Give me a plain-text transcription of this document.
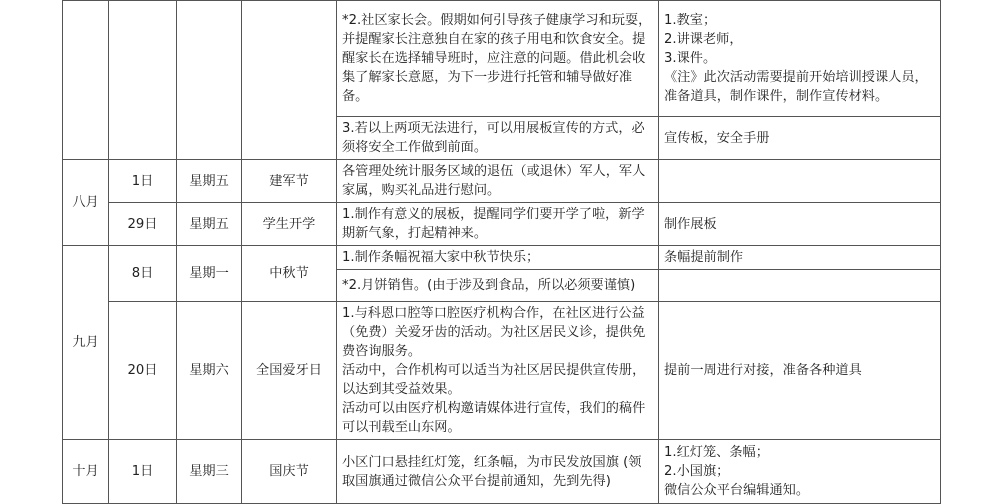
				*2.社区家长会。假期如何引导孩子健康学习和玩耍，并提醒家长注意独自在家的孩子用电和饮食安全。提醒家长在选择辅导班时，应注意的问题。借此机会收集了解家长意愿，为下一步进行托管和辅导做好准备。	1.教室；
2.讲课老师，
3.课件。
《注》此次活动需要提前开始培训授课人员，准备道具，制作课件，制作宣传材料。

				3.若以上两项无法进行，可以用展板宣传的方式，必须将安全工作做到前面。	宣传板，安全手册
八月	1日	星期五	建军节	各管理处统计服务区域的退伍（或退休）军人，军人家属，购买礼品进行慰问。	
	29日	星期五	学生开学	1.制作有意义的展板，提醒同学们要开学了啦，新学期新气象，打起精神来。	制作展板
九月	8日	星期一	中秋节	1.制作条幅祝福大家中秋节快乐；	条幅提前制作
				*2.月饼销售。(由于涉及到食品，所以必须要谨慎)	
	20日	星期六	全国爱牙日	1.与科恩口腔等口腔医疗机构合作，在社区进行公益（免费）关爱牙齿的活动。为社区居民义诊，提供免费咨询服务。
活动中，合作机构可以适当为社区居民提供宣传册，以达到其受益效果。
活动可以由医疗机构邀请媒体进行宣传，我们的稿件可以刊载至山东网。	提前一周进行对接，准备各种道具
十月	1日	星期三	国庆节	小区门口悬挂红灯笼，红条幅，为市民发放国旗 (领取国旗通过微信公众平台提前通知，先到先得)	1.红灯笼、条幅；
2.小国旗；
微信公众平台编辑通知。
